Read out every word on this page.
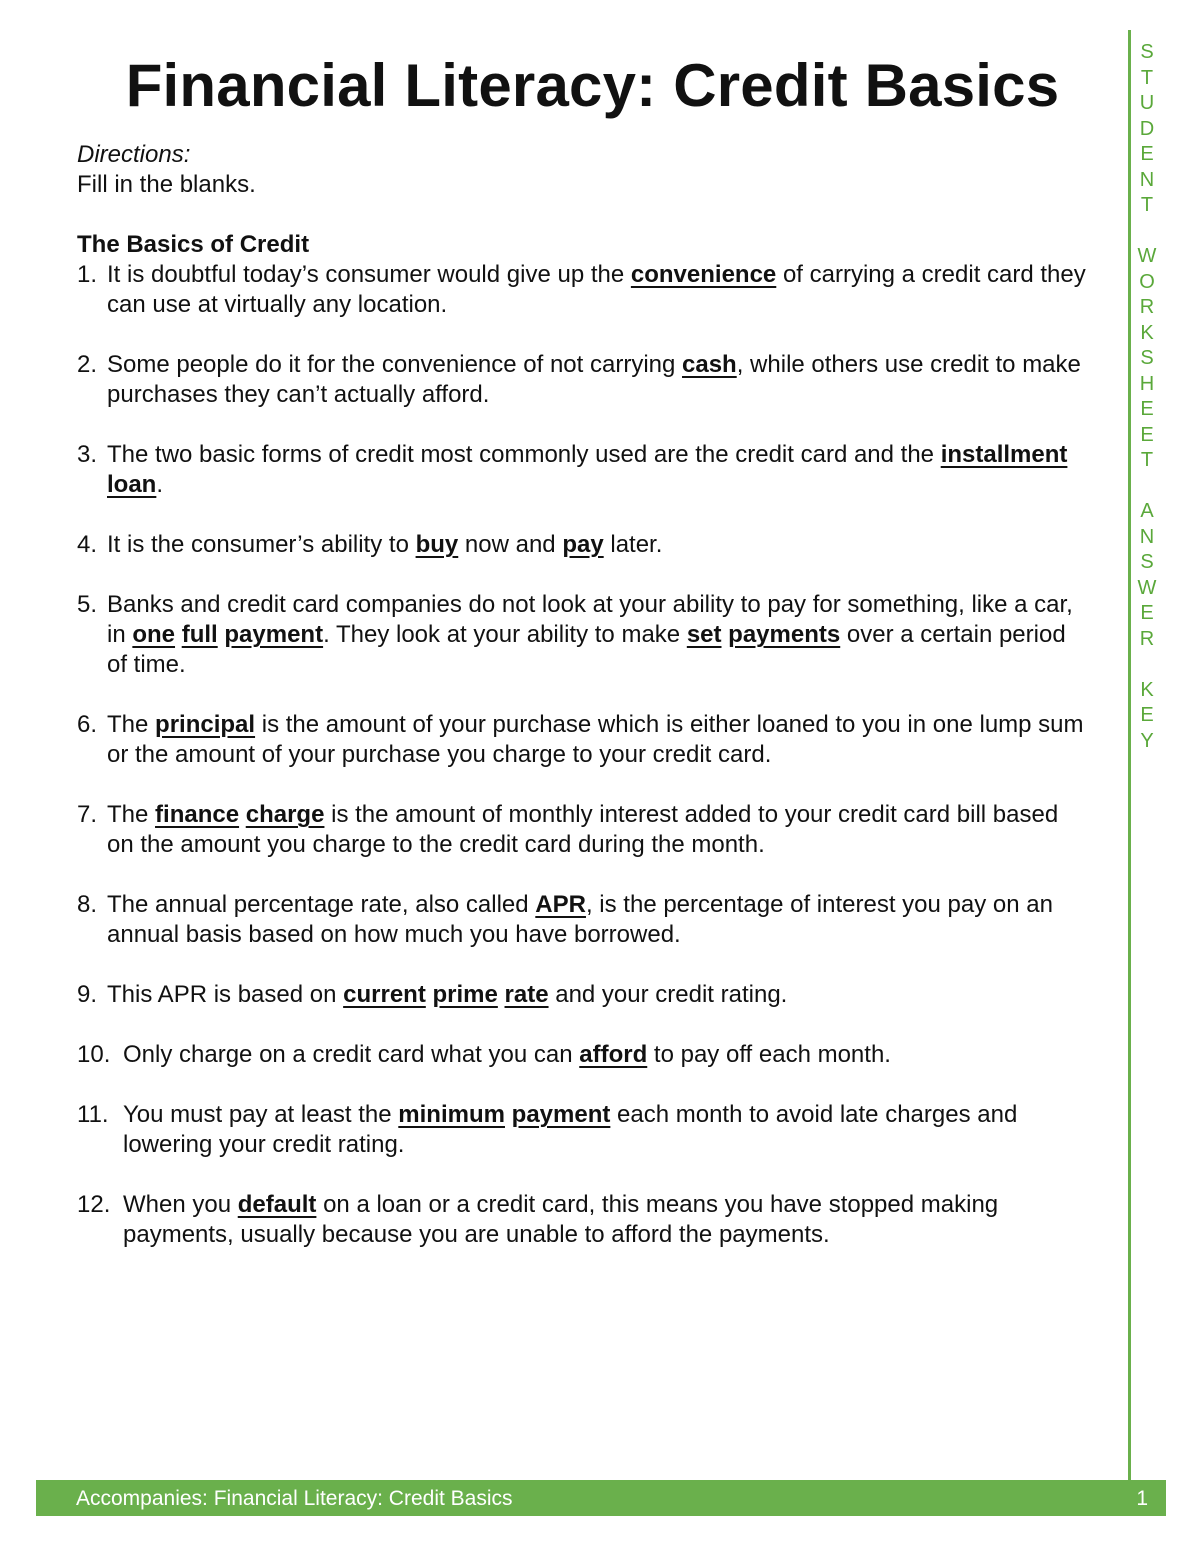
Financial Literacy: Credit Basics
Directions:
Fill in the blanks.
The Basics of Credit
1. It is doubtful today’s consumer would give up the convenience of carrying a credit card they can use at virtually any location.
2. Some people do it for the convenience of not carrying cash, while others use credit to make purchases they can’t actually afford.
3. The two basic forms of credit most commonly used are the credit card and the installment loan.
4. It is the consumer’s ability to buy now and pay later.
5. Banks and credit card companies do not look at your ability to pay for something, like a car, in one full payment. They look at your ability to make set payments over a certain period of time.
6. The principal is the amount of your purchase which is either loaned to you in one lump sum or the amount of your purchase you charge to your credit card.
7. The finance charge is the amount of monthly interest added to your credit card bill based on the amount you charge to the credit card during the month.
8. The annual percentage rate, also called APR, is the percentage of interest you pay on an annual basis based on how much you have borrowed.
9. This APR is based on current prime rate and your credit rating.
10. Only charge on a credit card what you can afford to pay off each month.
11. You must pay at least the minimum payment each month to avoid late charges and lowering your credit rating.
12. When you default on a loan or a credit card, this means you have stopped making payments, usually because you are unable to afford the payments.
S
T
U
D
E
N
T

W
O
R
K
S
H
E
E
T

A
N
S
W
E
R

K
E
Y
Accompanies: Financial Literacy: Credit Basics	1
